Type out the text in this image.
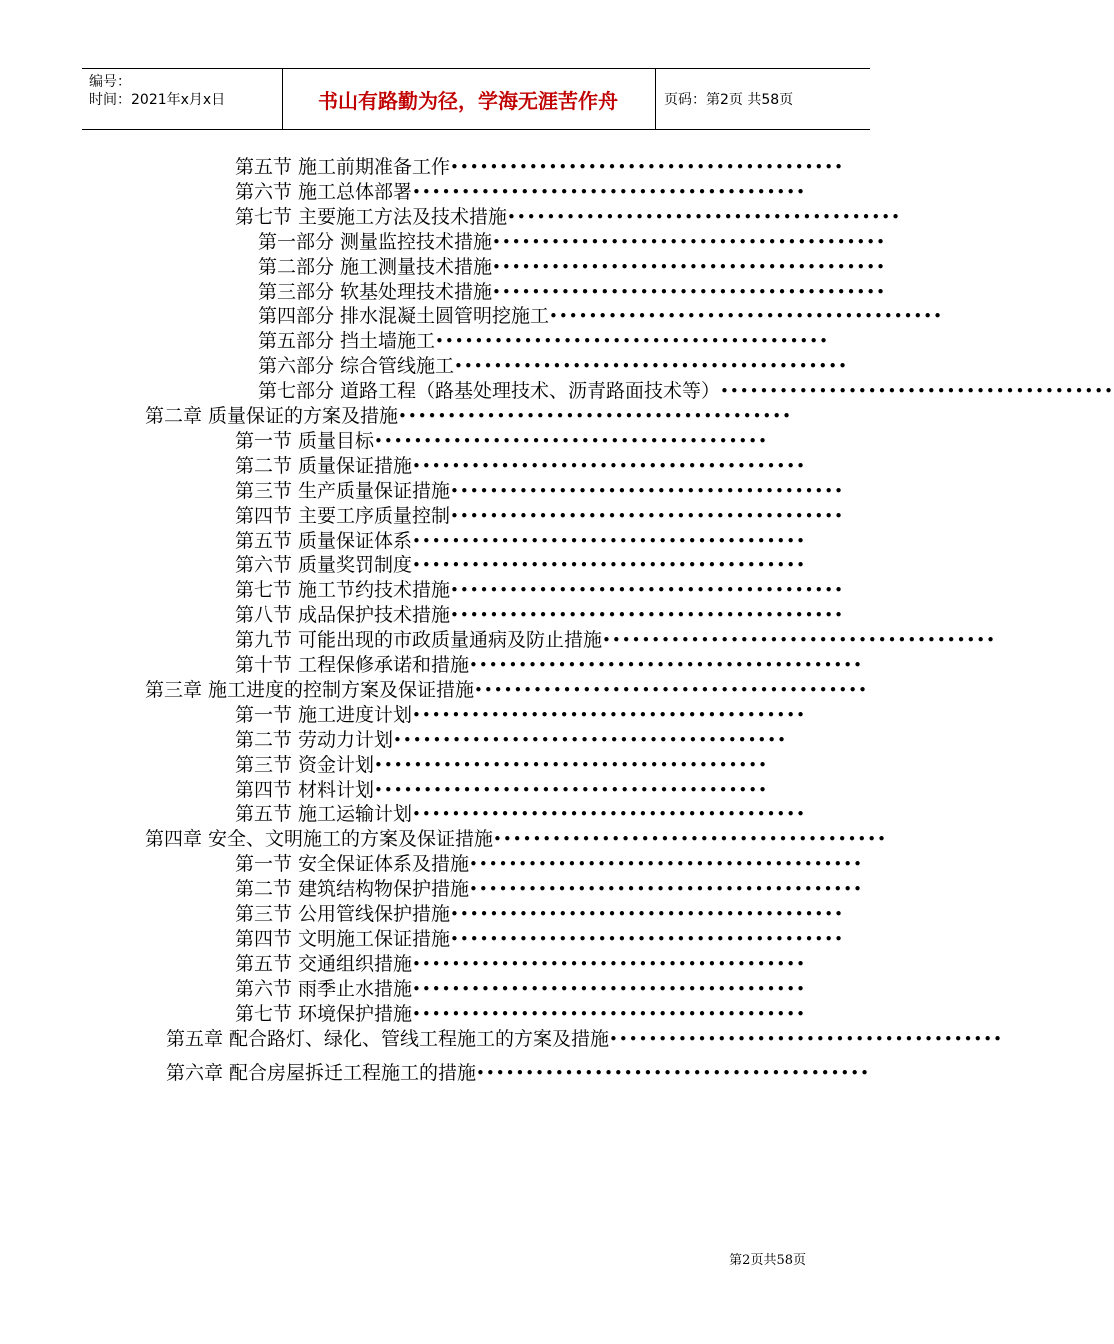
编号：
时间：2021年x月x日	书山有路勤为径，学海无涯苦作舟	页码：第2页 共58页
第五节 施工前期准备工作••••••••••••••••••••••••••••••••••••••••
第六节 施工总体部署••••••••••••••••••••••••••••••••••••••••
第七节 主要施工方法及技术措施••••••••••••••••••••••••••••••••••••••••
第一部分 测量监控技术措施••••••••••••••••••••••••••••••••••••••••
第二部分 施工测量技术措施••••••••••••••••••••••••••••••••••••••••
第三部分 软基处理技术措施••••••••••••••••••••••••••••••••••••••••
第四部分 排水混凝土圆管明挖施工••••••••••••••••••••••••••••••••••••••••
第五部分 挡土墙施工••••••••••••••••••••••••••••••••••••••••
第六部分 综合管线施工••••••••••••••••••••••••••••••••••••••••
第七部分 道路工程（路基处理技术、沥青路面技术等）••••••••••••••••••••••••••••••••••••••••
第二章 质量保证的方案及措施••••••••••••••••••••••••••••••••••••••••
第一节 质量目标••••••••••••••••••••••••••••••••••••••••
第二节 质量保证措施••••••••••••••••••••••••••••••••••••••••
第三节 生产质量保证措施••••••••••••••••••••••••••••••••••••••••
第四节 主要工序质量控制••••••••••••••••••••••••••••••••••••••••
第五节 质量保证体系••••••••••••••••••••••••••••••••••••••••
第六节 质量奖罚制度••••••••••••••••••••••••••••••••••••••••
第七节 施工节约技术措施••••••••••••••••••••••••••••••••••••••••
第八节 成品保护技术措施••••••••••••••••••••••••••••••••••••••••
第九节 可能出现的市政质量通病及防止措施••••••••••••••••••••••••••••••••••••••••
第十节 工程保修承诺和措施••••••••••••••••••••••••••••••••••••••••
第三章 施工进度的控制方案及保证措施••••••••••••••••••••••••••••••••••••••••
第一节 施工进度计划••••••••••••••••••••••••••••••••••••••••
第二节 劳动力计划••••••••••••••••••••••••••••••••••••••••
第三节 资金计划••••••••••••••••••••••••••••••••••••••••
第四节 材料计划••••••••••••••••••••••••••••••••••••••••
第五节 施工运输计划••••••••••••••••••••••••••••••••••••••••
第四章 安全、文明施工的方案及保证措施••••••••••••••••••••••••••••••••••••••••
第一节 安全保证体系及措施••••••••••••••••••••••••••••••••••••••••
第二节 建筑结构物保护措施••••••••••••••••••••••••••••••••••••••••
第三节 公用管线保护措施••••••••••••••••••••••••••••••••••••••••
第四节 文明施工保证措施••••••••••••••••••••••••••••••••••••••••
第五节 交通组织措施••••••••••••••••••••••••••••••••••••••••
第六节 雨季止水措施••••••••••••••••••••••••••••••••••••••••
第七节 环境保护措施••••••••••••••••••••••••••••••••••••••••
第五章 配合路灯、绿化、管线工程施工的方案及措施••••••••••••••••••••••••••••••••••••••••
第六章 配合房屋拆迁工程施工的措施••••••••••••••••••••••••••••••••••••••••
第2页共58页
